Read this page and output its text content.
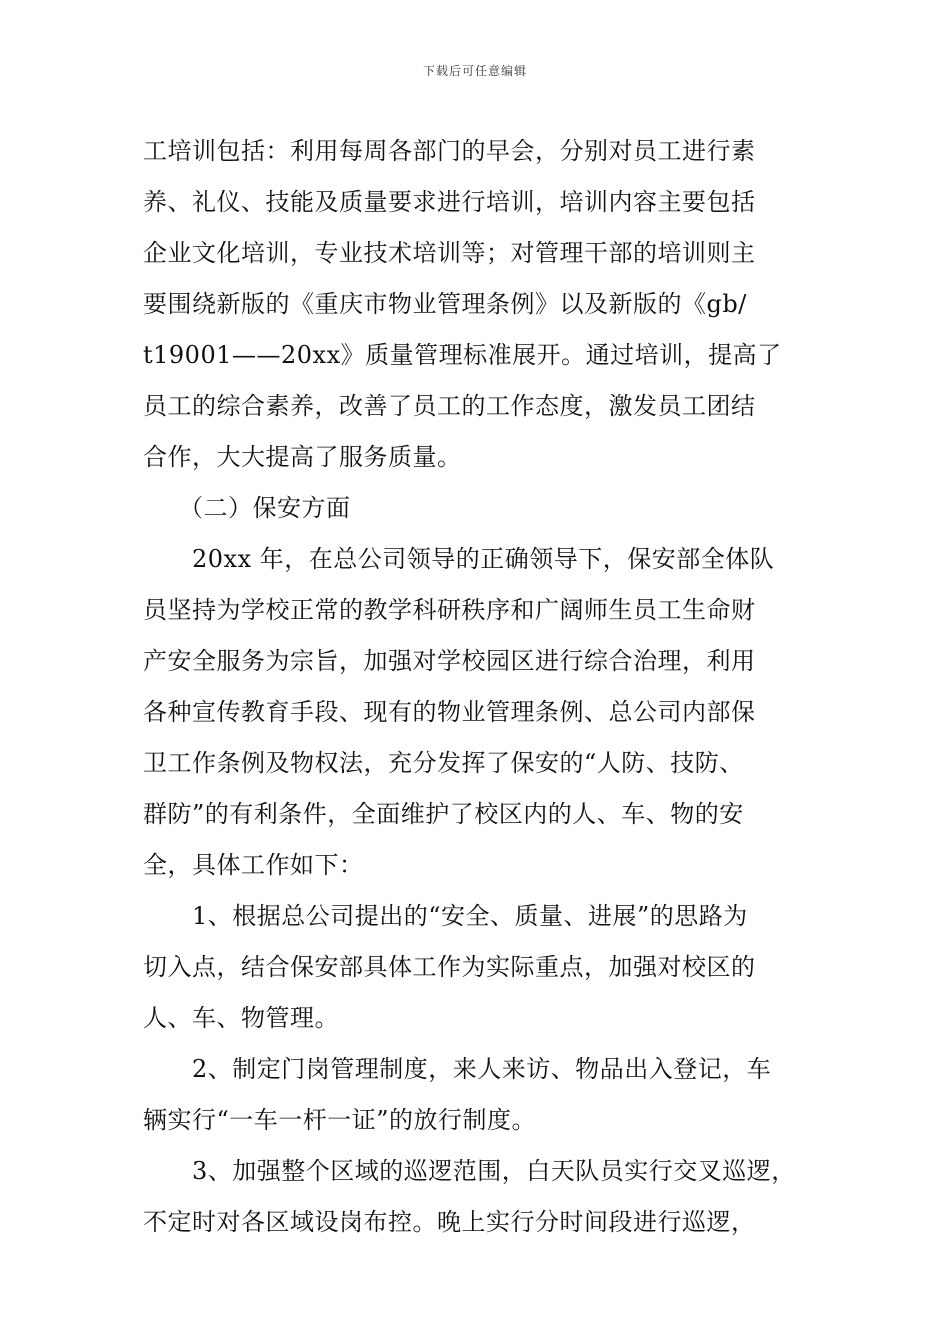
下载后可任意编辑
工培训包括：利用每周各部门的早会，分别对员工进行素
养、礼仪、技能及质量要求进行培训，培训内容主要包括
企业文化培训，专业技术培训等；对管理干部的培训则主
要围绕新版的《重庆市物业管理条例》以及新版的《gb/
t19001——20xx》质量管理标准展开。通过培训，提高了
员工的综合素养，改善了员工的工作态度，激发员工团结
合作，大大提高了服务质量。
（二）保安方面
20xx 年，在总公司领导的正确领导下，保安部全体队
员坚持为学校正常的教学科研秩序和广阔师生员工生命财
产安全服务为宗旨，加强对学校园区进行综合治理，利用
各种宣传教育手段、现有的物业管理条例、总公司内部保
卫工作条例及物权法，充分发挥了保安的“人防、技防、
群防”的有利条件，全面维护了校区内的人、车、物的安
全，具体工作如下：
1、根据总公司提出的“安全、质量、进展”的思路为
切入点，结合保安部具体工作为实际重点，加强对校区的
人、车、物管理。
2、制定门岗管理制度，来人来访、物品出入登记，车
辆实行“一车一杆一证”的放行制度。
3、加强整个区域的巡逻范围，白天队员实行交叉巡逻，
不定时对各区域设岗布控。晚上实行分时间段进行巡逻，
